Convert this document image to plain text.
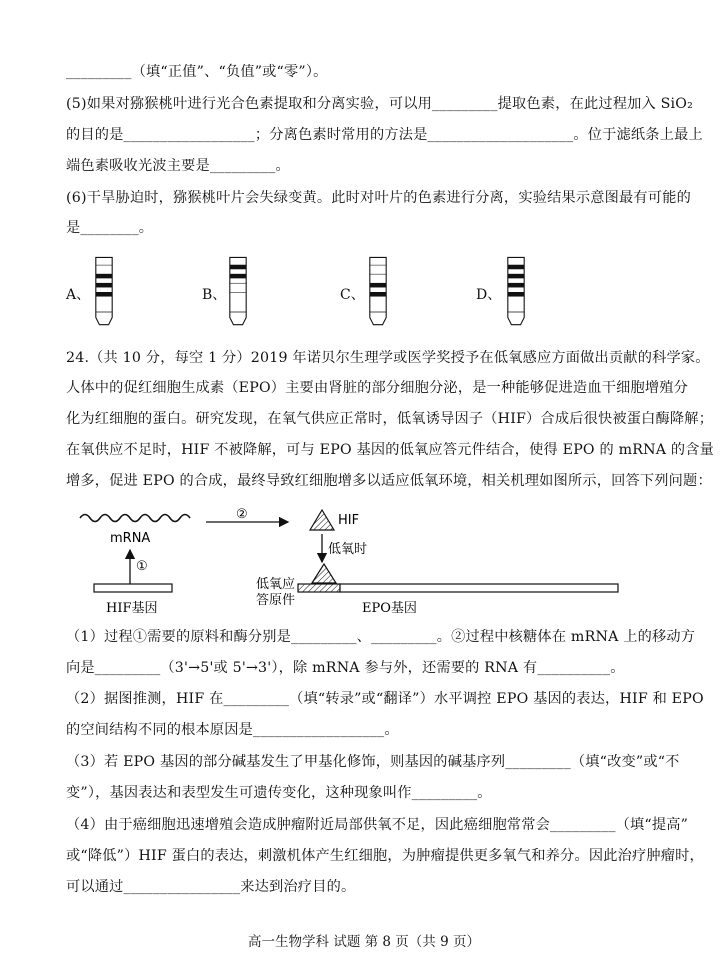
_________（填“正值”、“负值”或“零”）。
(5)如果对猕猴桃叶进行光合色素提取和分离实验，可以用_________提取色素，在此过程加入 SiO₂
的目的是__________________；分离色素时常用的方法是____________________。位于滤纸条上最上
端色素吸收光波主要是_________。
(6)干旱胁迫时，猕猴桃叶片会失绿变黄。此时对叶片的色素进行分离，实验结果示意图最有可能的
是________。
A、	B、	C、	D、
24.（共 10 分，每空 1 分）2019 年诺贝尔生理学或医学奖授予在低氧感应方面做出贡献的科学家。
人体中的促红细胞生成素（EPO）主要由肾脏的部分细胞分泌，是一种能够促进造血干细胞增殖分
化为红细胞的蛋白。研究发现，在氧气供应正常时，低氧诱导因子（HIF）合成后很快被蛋白酶降解；
在氧供应不足时，HIF 不被降解，可与 EPO 基因的低氧应答元件结合，使得 EPO 的 mRNA 的含量
增多，促进 EPO 的合成，最终导致红细胞增多以适应低氧环境，相关机理如图所示，回答下列问题：
mRNA
①
HIF基因
②	HIF
低氧时
低氧应
答原件
EPO基因
（1）过程①需要的原料和酶分别是_________、_________。②过程中核糖体在 mRNA 上的移动方
向是_________（3'→5'或 5'→3'），除 mRNA 参与外，还需要的 RNA 有__________。
（2）据图推测，HIF 在_________（填“转录”或“翻译”）水平调控 EPO 基因的表达，HIF 和 EPO
的空间结构不同的根本原因是__________________。
（3）若 EPO 基因的部分碱基发生了甲基化修饰，则基因的碱基序列_________（填“改变”或“不
变”），基因表达和表型发生可遗传变化，这种现象叫作_________。
（4）由于癌细胞迅速增殖会造成肿瘤附近局部供氧不足，因此癌细胞常常会_________（填“提高”
或“降低”）HIF 蛋白的表达，刺激机体产生红细胞，为肿瘤提供更多氧气和养分。因此治疗肿瘤时，
可以通过________________来达到治疗目的。
高一生物学科 试题 第 8 页（共 9 页）
